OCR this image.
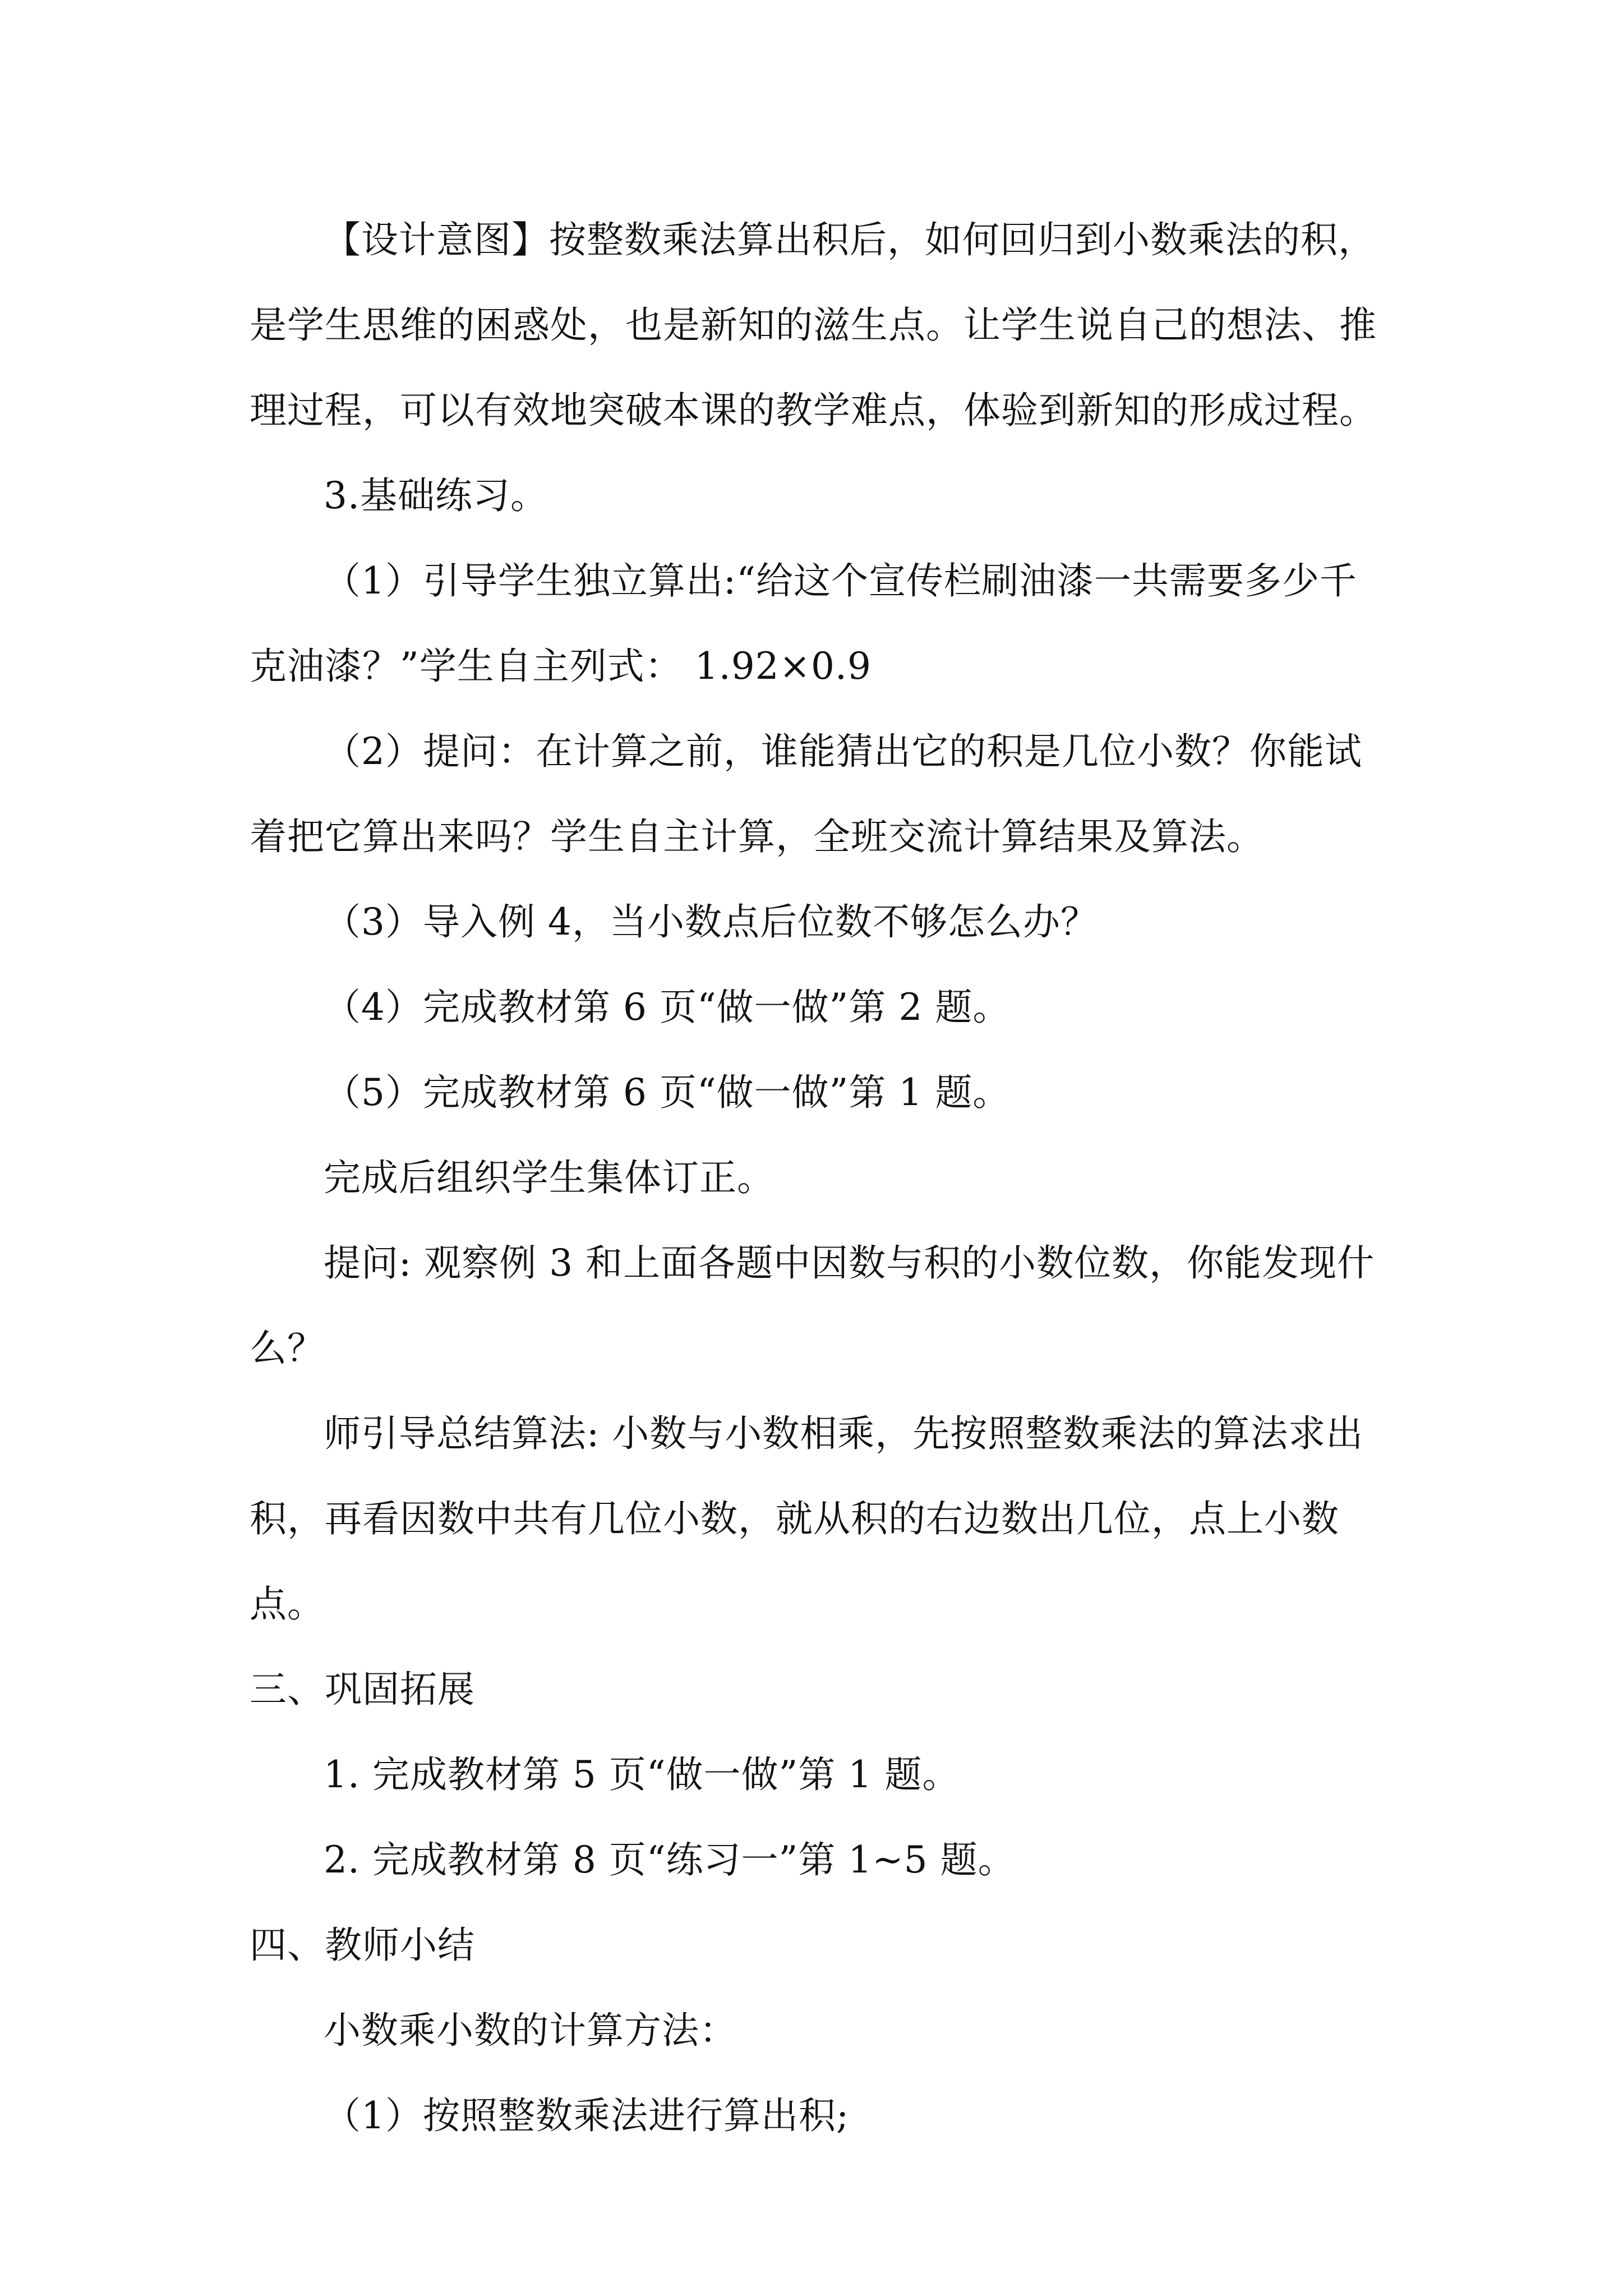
【设计意图】按整数乘法算出积后，如何回归到小数乘法的积，是学生思维的困惑处，也是新知的滋生点。让学生说自己的想法、推理过程，可以有效地突破本课的教学难点，体验到新知的形成过程。

3.基础练习。

（1）引导学生独立算出:“给这个宣传栏刷油漆一共需要多少千克油漆？”学生自主列式： 1.92×0.9

（2）提问：在计算之前，谁能猜出它的积是几位小数？你能试着把它算出来吗？学生自主计算，全班交流计算结果及算法。

（3）导入例 4，当小数点后位数不够怎么办？

（4）完成教材第 6 页“做一做”第 2 题。

（5）完成教材第 6 页“做一做”第 1 题。

完成后组织学生集体订正。

提问: 观察例 3 和上面各题中因数与积的小数位数，你能发现什么？

师引导总结算法: 小数与小数相乘，先按照整数乘法的算法求出积，再看因数中共有几位小数，就从积的右边数出几位，点上小数点。

三、巩固拓展

1. 完成教材第 5 页“做一做”第 1 题。

2. 完成教材第 8 页“练习一”第 1~5 题。

四、教师小结

小数乘小数的计算方法：

（1）按照整数乘法进行算出积;
